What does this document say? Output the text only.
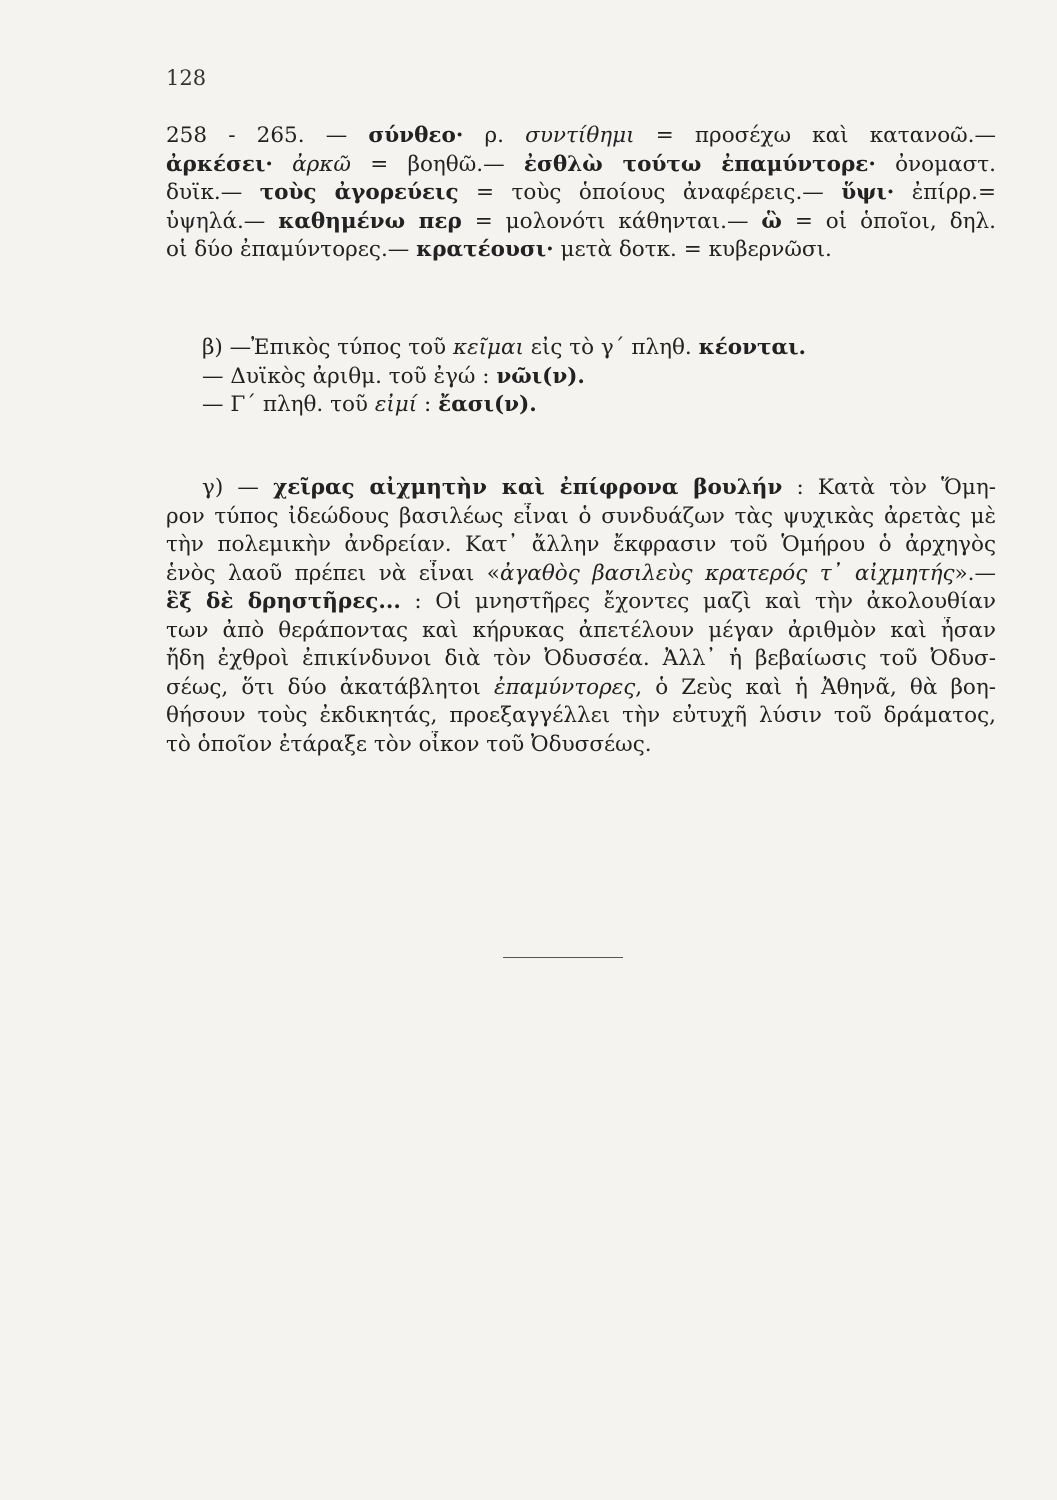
128
258 - 265. — σύνθεο· ρ. συντίθημι = προσέχω καὶ κατανοῶ.—
ἀρκέσει· ἀρκῶ = βοηθῶ.— ἐσθλὼ τούτω ἐπαμύντορε· ὀνομαστ.
δυϊκ.— τοὺς ἀγορεύεις = τοὺς ὁποίους ἀναφέρεις.— ὕψι· ἐπίρρ.=
ὑψηλά.— καθημένω περ = μολονότι κάθηνται.— ὣ = οἱ ὁποῖοι, δηλ.
οἱ δύο ἐπαμύντορες.— κρατέουσι· μετὰ δοτκ. = κυβερνῶσι.
β) —Ἐπικὸς τύπος τοῦ κεῖμαι εἰς τὸ γ΄ πληθ. κέονται.
— Δυϊκὸς ἀριθμ. τοῦ ἐγώ : νῶι(ν).
— Γ΄ πληθ. τοῦ εἰμί : ἔασι(ν).
γ) — χεῖρας αἰχμητὴν καὶ ἐπίφρονα βουλήν : Κατὰ τὸν Ὅμη-
ρον τύπος ἰδεώδους βασιλέως εἶναι ὁ συνδυάζων τὰς ψυχικὰς ἀρετὰς μὲ
τὴν πολεμικὴν ἀνδρείαν. Κατ᾿ ἄλλην ἔκφρασιν τοῦ Ὁμήρου ὁ ἀρχηγὸς
ἑνὸς λαοῦ πρέπει νὰ εἶναι «ἀγαθὸς βασιλεὺς κρατερός τ᾿ αἰχμητής».—
ἓξ δὲ δρηστῆρες... : Οἱ μνηστῆρες ἔχοντες μαζὶ καὶ τὴν ἀκολουθίαν
των ἀπὸ θεράποντας καὶ κήρυκας ἀπετέλουν μέγαν ἀριθμὸν καὶ ἦσαν
ἤδη ἐχθροὶ ἐπικίνδυνοι διὰ τὸν Ὀδυσσέα. Ἀλλ᾿ ἡ βεβαίωσις τοῦ Ὀδυσ-
σέως, ὅτι δύο ἀκατάβλητοι ἐπαμύντορες, ὁ Ζεὺς καὶ ἡ Ἀθηνᾶ, θὰ βοη-
θήσουν τοὺς ἐκδικητάς, προεξαγγέλλει τὴν εὐτυχῆ λύσιν τοῦ δράματος,
τὸ ὁποῖον ἐτάραξε τὸν οἶκον τοῦ Ὀδυσσέως.
